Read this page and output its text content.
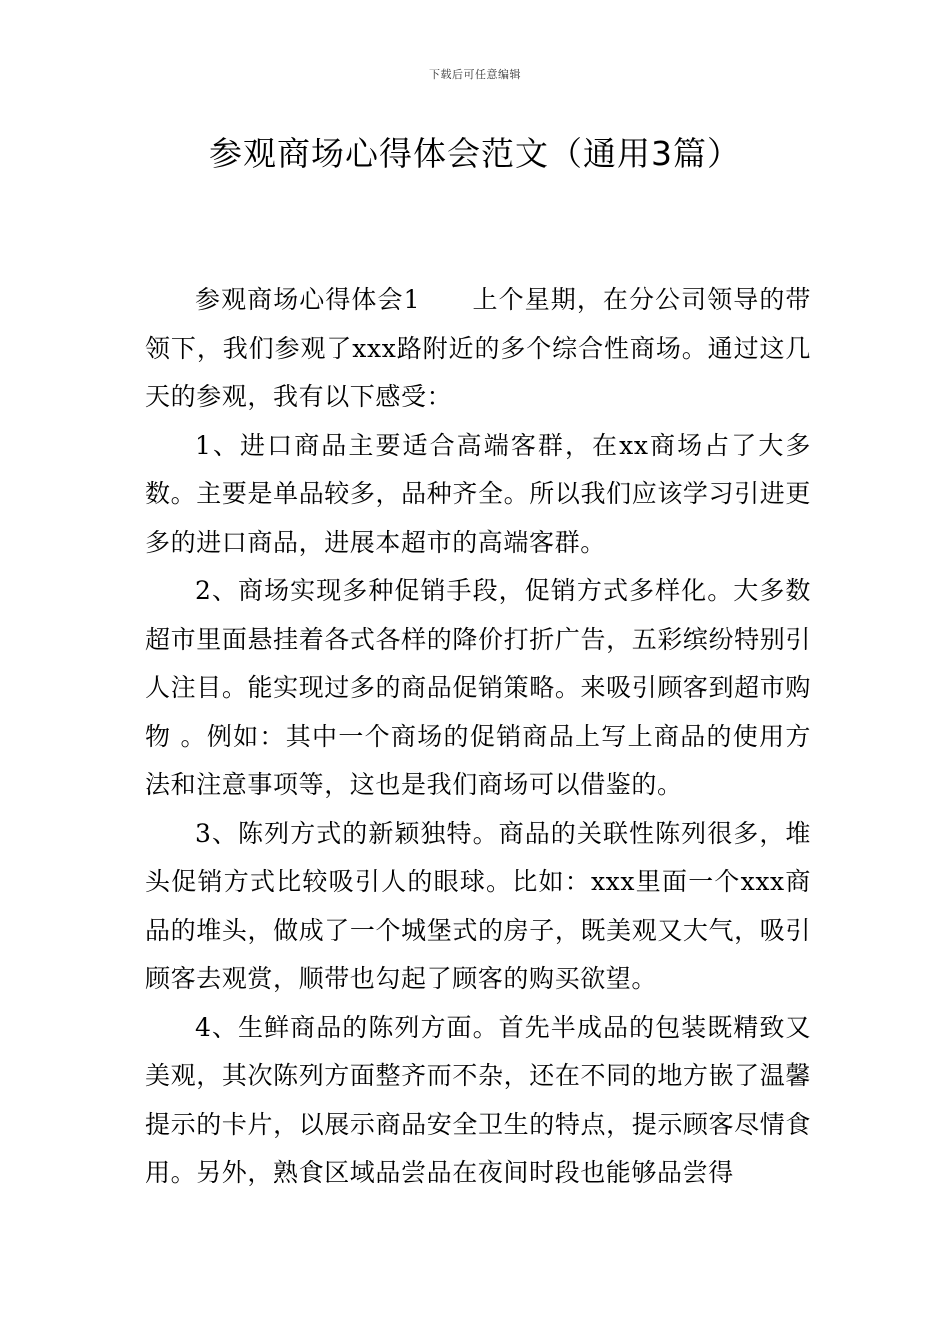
下载后可任意编辑
参观商场心得体会范文（通用3篇）

参观商场心得体会1 上个星期，在分公司领导的带领下，我们参观了xxx路附近的多个综合性商场。通过这几天的参观，我有以下感受：

1、进口商品主要适合高端客群，在xx商场占了大多数。主要是单品较多，品种齐全。所以我们应该学习引进更多的进口商品，进展本超市的高端客群。

2、商场实现多种促销手段，促销方式多样化。大多数超市里面悬挂着各式各样的降价打折广告，五彩缤纷特别引人注目。能实现过多的商品促销策略。来吸引顾客到超市购物 。例如：其中一个商场的促销商品上写上商品的使用方法和注意事项等，这也是我们商场可以借鉴的。

3、陈列方式的新颖独特。商品的关联性陈列很多，堆头促销方式比较吸引人的眼球。比如：xxx里面一个xxx商品的堆头，做成了一个城堡式的房子，既美观又大气，吸引顾客去观赏，顺带也勾起了顾客的购买欲望。

4、生鲜商品的陈列方面。首先半成品的包装既精致又美观，其次陈列方面整齐而不杂，还在不同的地方嵌了温馨提示的卡片，以展示商品安全卫生的特点，提示顾客尽情食用。另外，熟食区域品尝品在夜间时段也能够品尝得
